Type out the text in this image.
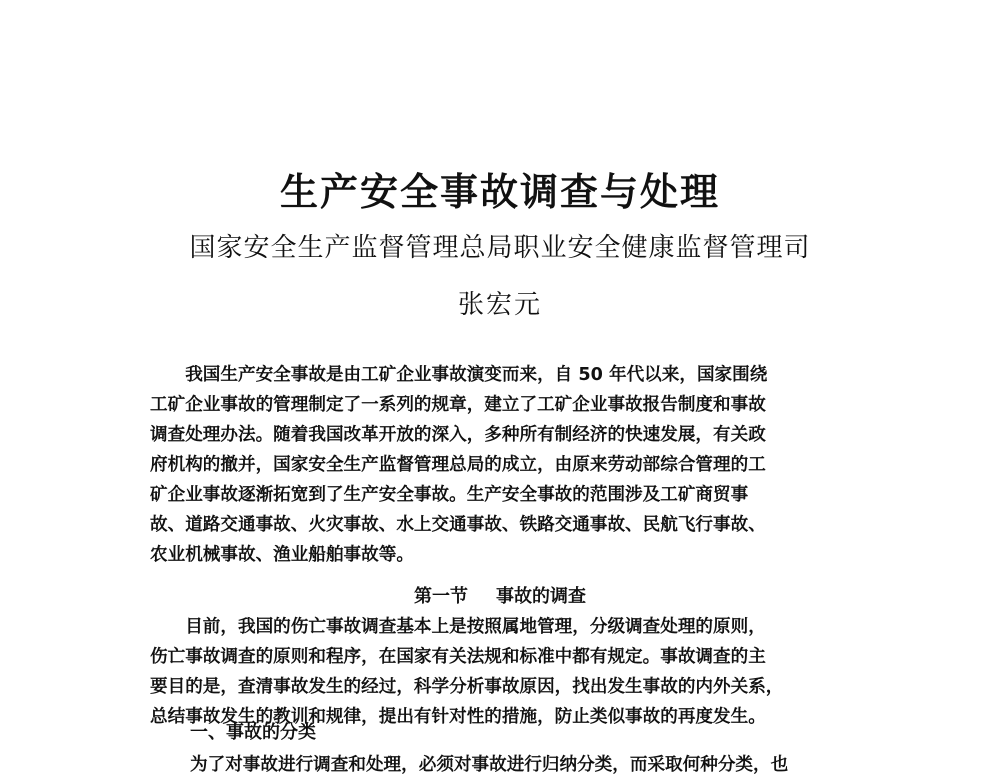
生产安全事故调查与处理
国家安全生产监督管理总局职业安全健康监督管理司
张宏元
　　我国生产安全事故是由工矿企业事故演变而来，自 50 年代以来，国家围绕
工矿企业事故的管理制定了一系列的规章，建立了工矿企业事故报告制度和事故
调查处理办法。随着我国改革开放的深入，多种所有制经济的快速发展，有关政
府机构的撤并，国家安全生产监督管理总局的成立，由原来劳动部综合管理的工
矿企业事故逐渐拓宽到了生产安全事故。生产安全事故的范围涉及工矿商贸事
故、道路交通事故、火灾事故、水上交通事故、铁路交通事故、民航飞行事故、
农业机械事故、渔业船舶事故等。
第一节 事故的调查
　　目前，我国的伤亡事故调查基本上是按照属地管理，分级调查处理的原则，
伤亡事故调查的原则和程序，在国家有关法规和标准中都有规定。事故调查的主
要目的是，查清事故发生的经过，科学分析事故原因，找出发生事故的内外关系，
总结事故发生的教训和规律，提出有针对性的措施，防止类似事故的再度发生。
一、事故的分类
为了对事故进行调查和处理，必须对事故进行归纳分类，而采取何种分类，也
